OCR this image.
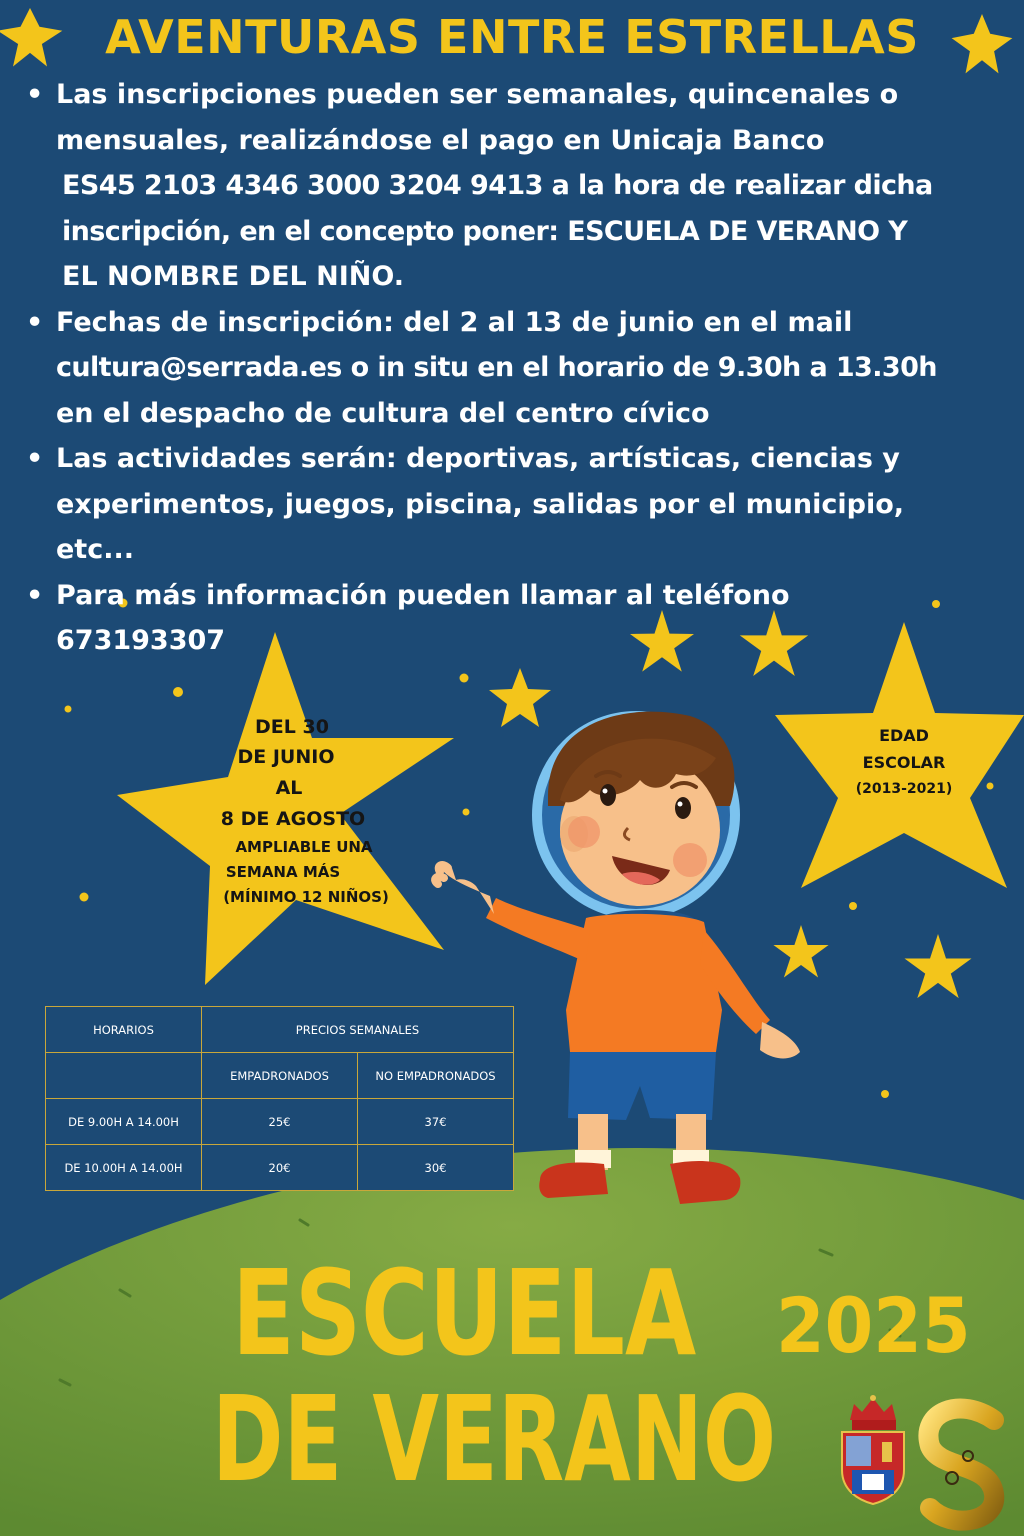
AVENTURAS ENTRE ESTRELLAS
• Las inscripciones pueden ser semanales, quincenales o
mensuales, realizándose el pago en Unicaja Banco
ES45 2103 4346 3000 3204 9413 a la hora de realizar dicha
inscripción, en el concepto poner: ESCUELA DE VERANO Y
EL NOMBRE DEL NIÑO.
• Fechas de inscripción: del 2 al 13 de junio en el mail
cultura@serrada.es o in situ en el horario de 9.30h a 13.30h
en el despacho de cultura del centro cívico
• Las actividades serán: deportivas, artísticas, ciencias y
experimentos, juegos, piscina, salidas por el municipio,
etc...
• Para más información pueden llamar al teléfono
673193307
DEL 30
DE JUNIO
AL
8 DE AGOSTO
AMPLIABLE UNA
SEMANA MÁS
(MÍNIMO 12 NIÑOS)
EDAD
ESCOLAR
(2013-2021)
HORARIOS	PRECIOS SEMANALES	
	EMPADRONADOS	NO EMPADRONADOS
DE 9.00H A 14.00H	25€	37€
DE 10.00H A 14.00H	20€	30€
ESCUELA
DE VERANO
2025
